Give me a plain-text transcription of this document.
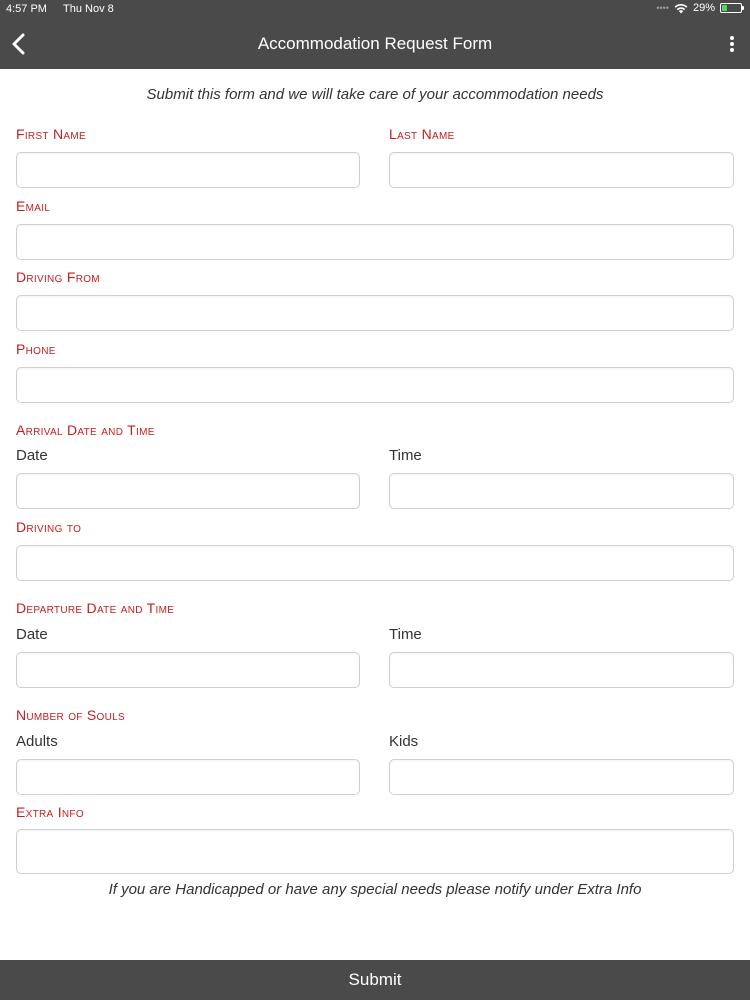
4:57 PM Thu Nov 8	•••• 29%
Accommodation Request Form
Submit this form and we will take care of your accommodation needs
First Name	Last Name
Email
Driving From
Phone
Arrival Date and Time
Date	Time
Driving to
Departure Date and Time
Date	Time
Number of Souls
Adults	Kids
Extra Info
If you are Handicapped or have any special needs please notify under Extra Info
Submit
